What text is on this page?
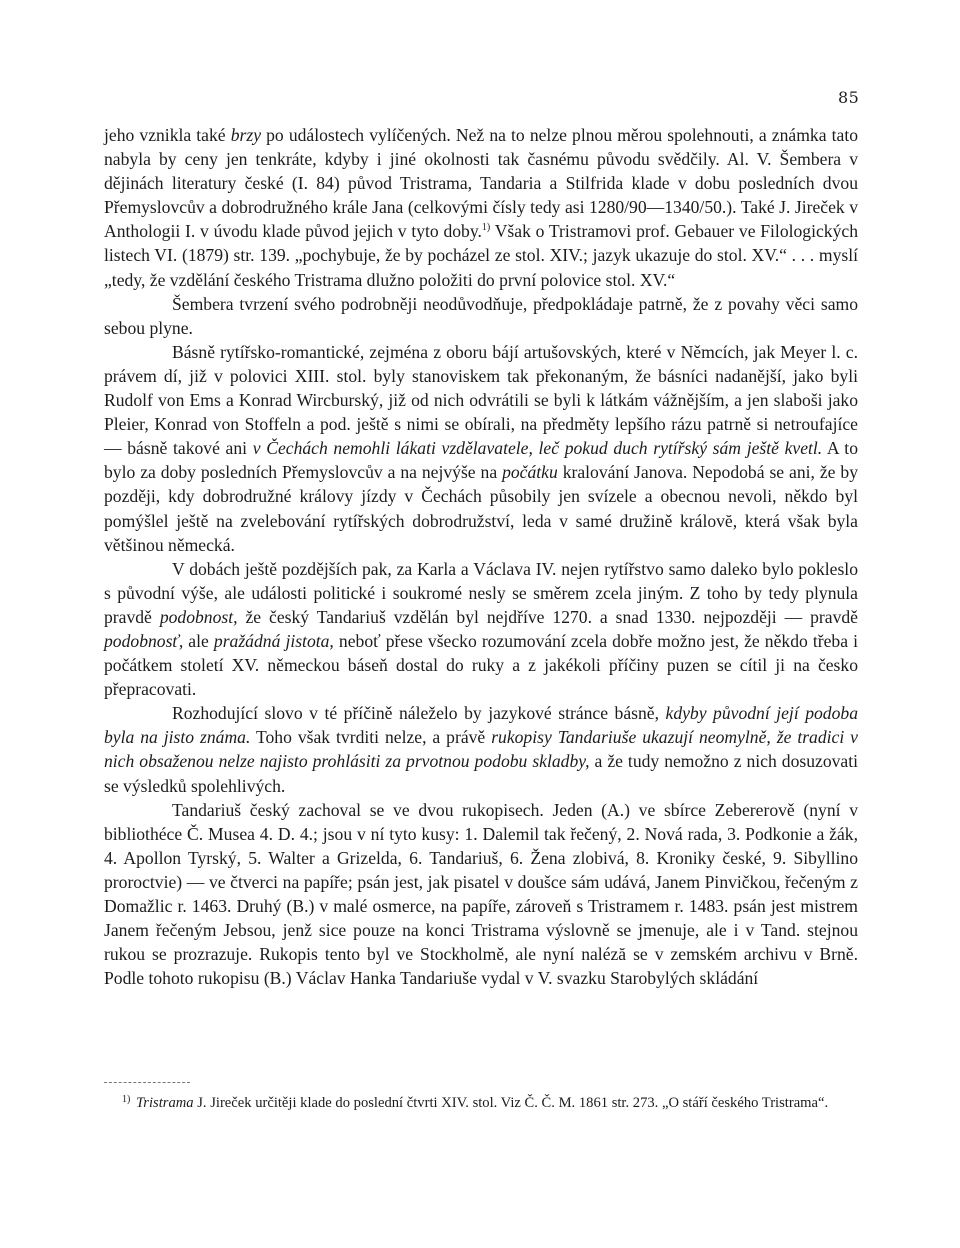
85

jeho vznikla také brzy po událostech vylíčených. Než na to nelze plnou měrou spolehnouti, a známka tato nabyla by ceny jen tenkráte, kdyby i jiné okolnosti tak časnému původu svědčily. Al. V. Šembera v dějinách literatury české (I. 84) původ Tristrama, Tandaria a Stilfrida klade v dobu posledních dvou Přemyslovcův a dobrodružného krále Jana (celkovými čísly tedy asi 1280/90—1340/50.). Také J. Jireček v Anthologii I. v úvodu klade původ jejich v tyto doby.$^{1)}$ Však o Tristramovi prof. Gebauer ve Filologických listech VI. (1879) str. 139. „pochybuje, že by pocházel ze stol. XIV.; jazyk ukazuje do stol. XV.“ . . . myslí „tedy, že vzdělání českého Tristrama dlužno položiti do první polovice stol. XV.“

Šembera tvrzení svého podrobněji neodůvodňuje, předpokládaje patrně, že z povahy věci samo sebou plyne.

Básně rytířsko-romantické, zejména z oboru bájí artušovských, které v Němcích, jak Meyer l. c. právem dí, již v polovici XIII. stol. byly stanoviskem tak překonaným, že básníci nadanější, jako byli Rudolf von Ems a Konrad Wircburský, již od nich odvrátili se byli k látkám vážnějším, a jen slaboši jako Pleier, Konrad von Stoffeln a pod. ještě s nimi se obírali, na předměty lepšího rázu patrně si netroufajíce — básně takové ani v Čechách nemohli lákati vzdělavatele, leč pokud duch rytířský sám ještě kvetl. A to bylo za doby posledních Přemyslovcův a na nejvýše na počátku kralování Janova. Nepodobá se ani, že by později, kdy dobrodružné královy jízdy v Čechách působily jen svízele a obecnou nevoli, někdo byl pomýšlel ještě na zvelebování rytířských dobrodružství, leda v samé družině královĕ, která však byla většinou německá.

V dobách ještě pozdějších pak, za Karla a Václava IV. nejen rytířstvo samo daleko bylo pokleslo s původní výše, ale události politické i soukromé nesly se směrem zcela jiným. Z toho by tedy plynula pravdě podobnost, že český Tandariuš vzdělán byl nejdříve 1270. a snad 1330. nejpozději — pravdě podobnosť, ale pražádná jistota, neboť přese všecko rozumování zcela dobře možno jest, že někdo třeba i počátkem století XV. německou báseň dostal do ruky a z jakékoli příčiny puzen se cítil ji na česko přepracovati.

Rozhodující slovo v té příčině náleželo by jazykové stránce básně, kdyby původní její podoba byla na jisto známa. Toho však tvrditi nelze, a právě rukopisy Tandariuše ukazují neomylně, že tradici v nich obsaženou nelze najisto prohlásiti za prvotnou podobu skladby, a že tudy nemožno z nich dosuzovati se výsledků spolehlivých.

Tandariuš český zachoval se ve dvou rukopisech. Jeden (A.) ve sbírce Zebererově (nyní v bibliothéce Č. Musea 4. D. 4.; jsou v ní tyto kusy: 1. Dalemil tak řečený, 2. Nová rada, 3. Podkonie a žák, 4. Apollon Tyrský, 5. Walter a Grizelda, 6. Tandariuš, 6. Žena zlobivá, 8. Kroniky české, 9. Sibyllino proroctvie) — ve čtverci na papíře; psán jest, jak pisatel v doušce sám udává, Janem Pinvičkou, řečeným z Domažlic r. 1463. Druhý (B.) v malé osmerce, na papíře, zároveň s Tristramem r. 1483. psán jest mistrem Janem řečeným Jebsou, jenž sice pouze na konci Tristrama výslovně se jmenuje, ale i v Tand. stejnou rukou se prozrazuje. Rukopis tento byl ve Stockholmě, ale nyní naléză se v zemském archivu v Brně. Podle tohoto rukopisu (B.) Václav Hanka Tandariuše vydal v V. svazku Starobylých skládání

1) Tristrama J. Jireček určitěji klade do poslední čtvrti XIV. stol. Viz Č. Č. M. 1861 str. 273. „O stáří českého Tristrama“.
